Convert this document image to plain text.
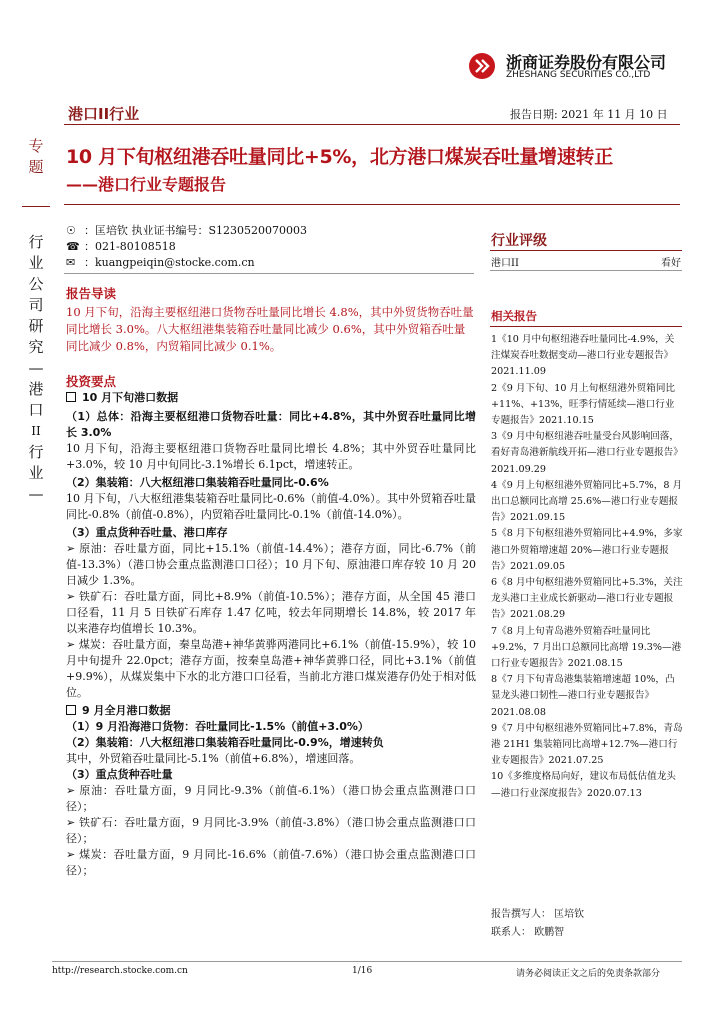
浙商证券股份有限公司
ZHESHANG SECURITIES CO.,LTD
港口II行业	报告日期: 2021 年 11 月 10 日
专
题
行
业
公
司
研
究
—
港
口
II
行
业
—
10 月下旬枢纽港吞吐量同比+5%，北方港口煤炭吞吐量增速转正
——港口行业专题报告
☉ ：匡培钦 执业证书编号：S1230520070003
☎ ：021-80108518
✉ ：kuangpeiqin@stocke.com.cn
报告导读
10 月下旬，沿海主要枢纽港口货物吞吐量同比增长 4.8%，其中外贸货物吞吐量同比增长 3.0%。八大枢纽港集装箱吞吐量同比减少 0.6%，其中外贸箱吞吐量同比减少 0.8%，内贸箱同比减少 0.1%。
投资要点
10 月下旬港口数据
（1）总体：沿海主要枢纽港口货物吞吐量：同比+4.8%，其中外贸吞吐量同比增长 3.0%
10 月下旬，沿海主要枢纽港口货物吞吐量同比增长 4.8%；其中外贸吞吐量同比+3.0%，较 10 月中旬同比-3.1%增长 6.1pct，增速转正。
（2）集装箱：八大枢纽港口集装箱吞吐量同比-0.6%
10 月下旬，八大枢纽港集装箱吞吐量同比-0.6%（前值-4.0%）。其中外贸箱吞吐量同比-0.8%（前值-0.8%），内贸箱吞吐量同比-0.1%（前值-14.0%）。
（3）重点货种吞吐量、港口库存
➢ 原油：吞吐量方面，同比+15.1%（前值-14.4%）；港存方面，同比-6.7%（前值-13.3%）（港口协会重点监测港口口径）；10 月下旬、原油港口库存较 10 月 20 日减少 1.3%。
➢ 铁矿石：吞吐量方面，同比+8.9%（前值-10.5%）；港存方面，从全国 45 港口口径看，11 月 5 日铁矿石库存 1.47 亿吨，较去年同期增长 14.8%，较 2017 年以来港存均值增长 10.3%。
➢ 煤炭：吞吐量方面，秦皇岛港+神华黄骅两港同比+6.1%（前值-15.9%），较 10 月中旬提升 22.0pct；港存方面，按秦皇岛港+神华黄骅口径，同比+3.1%（前值+9.9%），从煤炭集中下水的北方港口口径看，当前北方港口煤炭港存仍处于相对低位。
9 月全月港口数据
（1）9 月沿海港口货物：吞吐量同比-1.5%（前值+3.0%）
（2）集装箱：八大枢纽港口集装箱吞吐量同比-0.9%，增速转负
其中，外贸箱吞吐量同比-5.1%（前值+6.8%），增速回落。
（3）重点货种吞吐量
➢ 原油：吞吐量方面，9 月同比-9.3%（前值-6.1%）（港口协会重点监测港口口径）；
➢ 铁矿石：吞吐量方面，9 月同比-3.9%（前值-3.8%）（港口协会重点监测港口口径）；
➢ 煤炭：吞吐量方面，9 月同比-16.6%（前值-7.6%）（港口协会重点监测港口口径）；
行业评级
港口II	看好
相关报告
1《10 月中旬枢纽港吞吐量同比-4.9%，关注煤炭吞吐数据变动—港口行业专题报告》2021.11.09
2《9 月下旬、10 月上旬枢纽港外贸箱同比+11%、+13%，旺季行情延续—港口行业专题报告》2021.10.15
3《9 月中旬枢纽港吞吐量受台风影响回落，看好青岛港新航线开拓—港口行业专题报告》2021.09.29
4《9 月上旬枢纽港外贸箱同比+5.7%，8 月出口总额同比高增 25.6%—港口行业专题报告》2021.09.15
5《8 月下旬枢纽港外贸箱同比+4.9%，多家港口外贸箱增速超 20%—港口行业专题报告》2021.09.05
6《8 月中旬枢纽港外贸箱同比+5.3%，关注龙头港口主业成长新驱动—港口行业专题报告》2021.08.29
7《8 月上旬青岛港外贸箱吞吐量同比+9.2%，7 月出口总额同比高增 19.3%—港口行业专题报告》2021.08.15
8《7 月下旬青岛港集装箱增速超 10%，凸显龙头港口韧性—港口行业专题报告》2021.08.08
9《7 月中旬枢纽港外贸箱同比+7.8%，青岛港 21H1 集装箱同比高增+12.7%—港口行业专题报告》2021.07.25
10《多维度格局向好，建议布局低估值龙头—港口行业深度报告》2020.07.13
报告撰写人： 匡培钦
联系人： 欧鹏智
http://research.stocke.com.cn	1/16	请务必阅读正文之后的免责条款部分
